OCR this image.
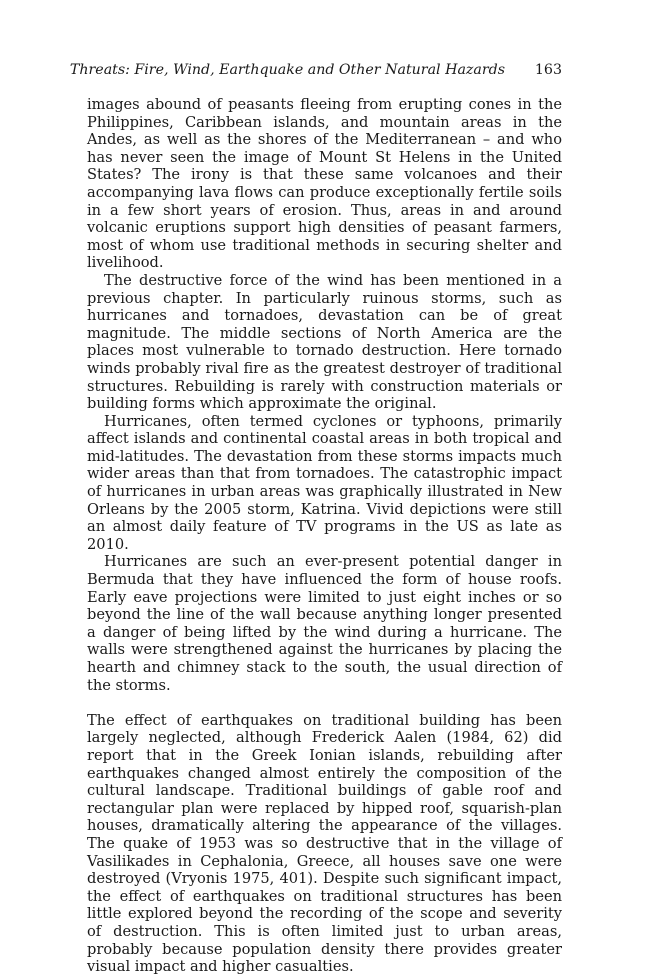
Threats: Fire, Wind, Earthquake and Other Natural Hazards 163

images abound of peasants fleeing from erupting cones in the Philippines, Caribbean islands, and mountain areas in the Andes, as well as the shores of the Mediterranean – and who has never seen the image of Mount St Helens in the United States? The irony is that these same volcanoes and their accompanying lava flows can produce exceptionally fertile soils in a few short years of erosion. Thus, areas in and around volcanic eruptions support high densities of peasant farmers, most of whom use traditional methods in securing shelter and livelihood.

The destructive force of the wind has been mentioned in a previous chapter. In particularly ruinous storms, such as hurricanes and tornadoes, devastation can be of great magnitude. The middle sections of North America are the places most vulnerable to tornado destruction. Here tornado winds probably rival fire as the greatest destroyer of traditional structures. Rebuilding is rarely with construction materials or building forms which approximate the original.

Hurricanes, often termed cyclones or typhoons, primarily affect islands and continental coastal areas in both tropical and mid-latitudes. The devastation from these storms impacts much wider areas than that from tornadoes. The catastrophic impact of hurricanes in urban areas was graphically illustrated in New Orleans by the 2005 storm, Katrina. Vivid depictions were still an almost daily feature of TV programs in the US as late as 2010.

Hurricanes are such an ever-present potential danger in Bermuda that they have influenced the form of house roofs. Early eave projections were limited to just eight inches or so beyond the line of the wall because anything longer presented a danger of being lifted by the wind during a hurricane. The walls were strengthened against the hurricanes by placing the hearth and chimney stack to the south, the usual direction of the storms.

The effect of earthquakes on traditional building has been largely neglected, although Frederick Aalen (1984, 62) did report that in the Greek Ionian islands, rebuilding after earthquakes changed almost entirely the composition of the cultural landscape. Traditional buildings of gable roof and rectangular plan were replaced by hipped roof, squarish-plan houses, dramatically altering the appearance of the villages. The quake of 1953 was so destructive that in the village of Vasilikades in Cephalonia, Greece, all houses save one were destroyed (Vryonis 1975, 401). Despite such significant impact, the effect of earthquakes on traditional structures has been little explored beyond the recording of the scope and severity of destruction. This is often limited just to urban areas, probably because population density there provides greater visual impact and higher casualties.
